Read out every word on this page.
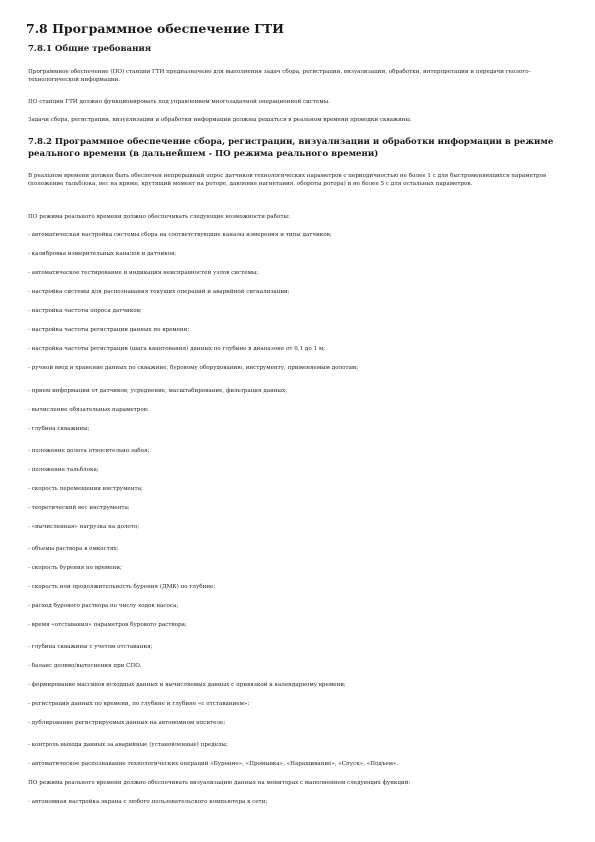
7.8 Программное обеспечение ГТИ
7.8.1 Общие требования
Программное обеспечение (ПО) станции ГТИ предназначено для выполнения задач сбора, регистрации, визуализации, обработки, интерпретации и передачи геолого-технологической информации.
ПО станции ГТИ должно функционировать под управлением многозадачной операционной системы.
Задачи сбора, регистрации, визуализации и обработки информации должны решаться в реальном времени проводки скважины.
7.8.2 Программное обеспечение сбора, регистрации, визуализации и обработки информации в режиме реального времени (в дальнейшем - ПО режима реального времени)
В реальном времени должен быть обеспечен непрерывный опрос датчиков технологических параметров с периодичностью не более 1 с для быстроменяющихся параметров (положение тальблока, вес на крюке, крутящий момент на роторе, давление нагнетания, обороты ротора) и не более 5 с для остальных параметров.
ПО режима реального времени должно обеспечивать следующие возможности работы:
- автоматическая настройка системы сбора на соответствующие каналы измерения и типы датчиков;
- калибровка измерительных каналов и датчиков;
- автоматическое тестирование и индикация неисправностей узлов системы;
- настройка системы для распознавания текущих операций и аварийной сигнализации;
- настройка частоты опроса датчиков;
- настройка частоты регистрации данных по времени;
- настройка частоты регистрации (шага квантования) данных по глубине в диапазоне от 0,1 до 1 м;
- ручной ввод и хранение данных по скважине, буровому оборудованию, инструменту, применяемым долотам;
- прием информации от датчиков, усреднение, масштабирование, фильтрация данных;
- вычисление обязательных параметров:
- глубина скважины;
- положение долота относительно забоя;
- положение тальблока;
- скорость перемещения инструмента;
- теоретический вес инструмента;
- «вычисленная» нагрузка на долото;
- объемы раствора в емкостях;
- скорость бурения по времени;
- скорость или продолжительность бурения (ДМК) по глубине;
- расход бурового раствора по числу ходов насоса;
- время «отставания» параметров бурового раствора;
- глубина скважины с учетом отставания;
- баланс доливо/вытеснения при СПО.
- формирование массивов исходных данных и вычисляемых данных с привязкой к календарному времени;
- регистрация данных по времени, по глубине и глубине «с отставанием»;
- дублирование регистрируемых данных на автономном носителе;
- контроль выхода данных за аварийные (установленные) пределы;
- автоматическое распознавание технологических операций «Бурение», «Промывка», «Наращивание», «Спуск», «Подъем».
ПО режима реального времени должно обеспечивать визуализацию данных на мониторах с выполнением следующих функций:
- автономная настройка экрана с любого пользовательского компьютера в сети;
